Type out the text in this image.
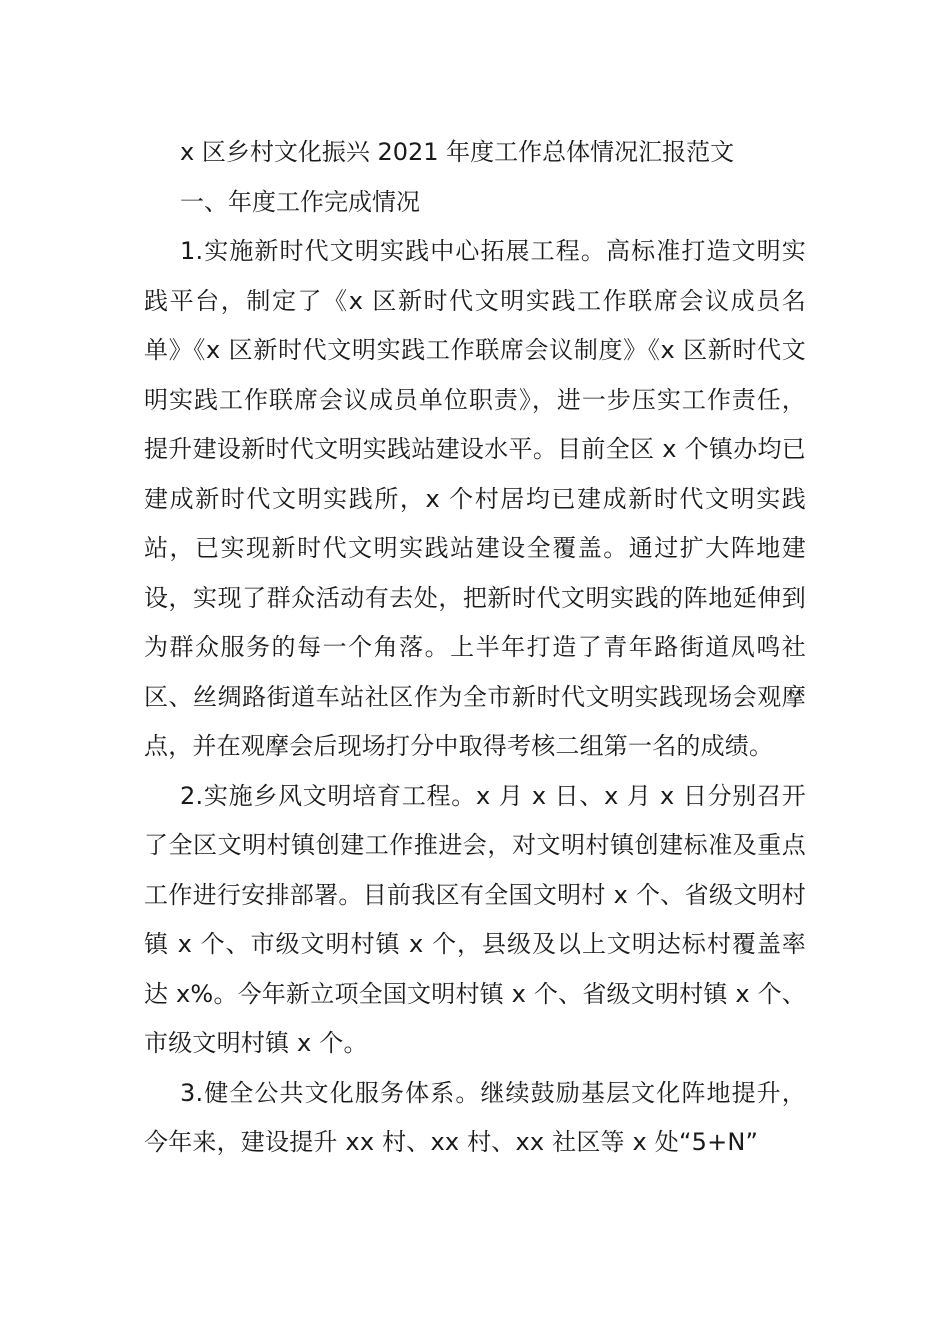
x 区乡村文化振兴 2021 年度工作总体情况汇报范文

一、年度工作完成情况

1.实施新时代文明实践中心拓展工程。高标准打造文明实践平台，制定了《x 区新时代文明实践工作联席会议成员名单》《x 区新时代文明实践工作联席会议制度》《x 区新时代文明实践工作联席会议成员单位职责》，进一步压实工作责任，提升建设新时代文明实践站建设水平。目前全区 x 个镇办均已建成新时代文明实践所，x 个村居均已建成新时代文明实践站，已实现新时代文明实践站建设全覆盖。通过扩大阵地建设，实现了群众活动有去处，把新时代文明实践的阵地延伸到为群众服务的每一个角落。上半年打造了青年路街道凤鸣社区、丝绸路街道车站社区作为全市新时代文明实践现场会观摩点，并在观摩会后现场打分中取得考核二组第一名的成绩。

2.实施乡风文明培育工程。x 月 x 日、x 月 x 日分别召开了全区文明村镇创建工作推进会，对文明村镇创建标准及重点工作进行安排部署。目前我区有全国文明村 x 个、省级文明村镇 x 个、市级文明村镇 x 个，县级及以上文明达标村覆盖率达 x%。今年新立项全国文明村镇 x 个、省级文明村镇 x 个、市级文明村镇 x 个。

3.健全公共文化服务体系。继续鼓励基层文化阵地提升，今年来，建设提升 xx 村、xx 村、xx 社区等 x 处“5+N”
